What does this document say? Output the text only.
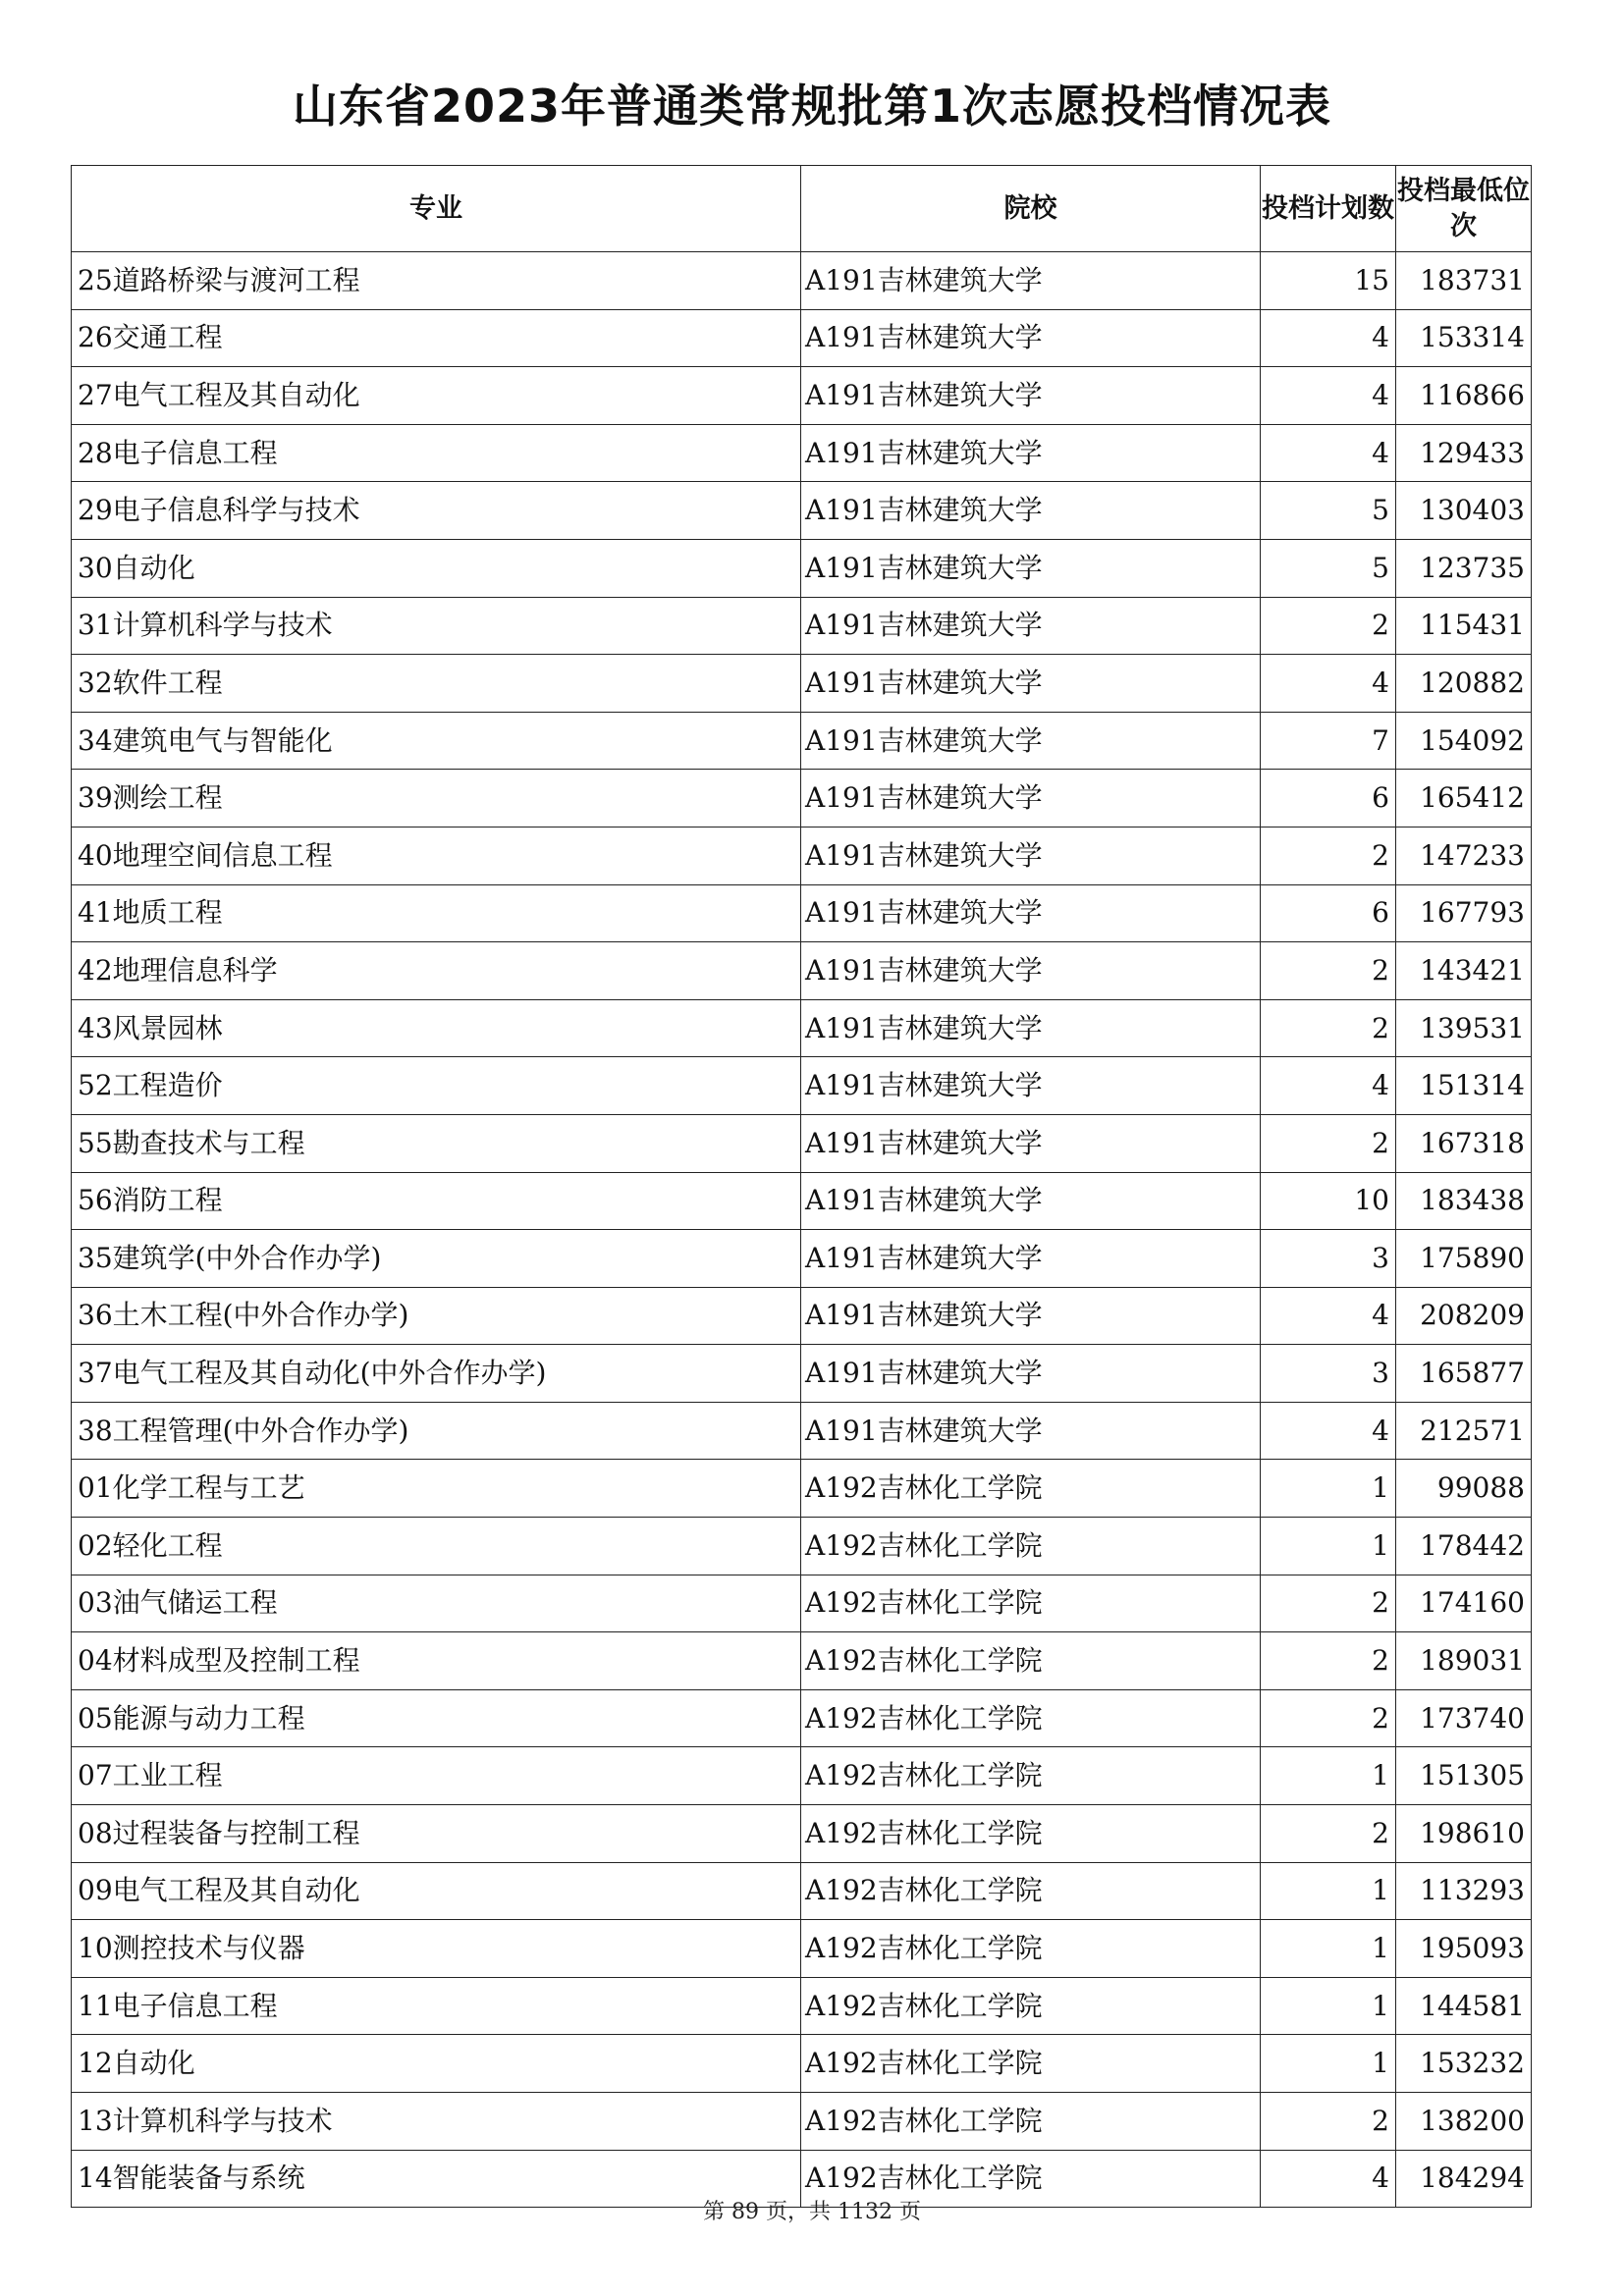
山东省2023年普通类常规批第1次志愿投档情况表
专业	院校	投档计划数	投档最低位次
25道路桥梁与渡河工程	A191吉林建筑大学	15	183731
26交通工程	A191吉林建筑大学	4	153314
27电气工程及其自动化	A191吉林建筑大学	4	116866
28电子信息工程	A191吉林建筑大学	4	129433
29电子信息科学与技术	A191吉林建筑大学	5	130403
30自动化	A191吉林建筑大学	5	123735
31计算机科学与技术	A191吉林建筑大学	2	115431
32软件工程	A191吉林建筑大学	4	120882
34建筑电气与智能化	A191吉林建筑大学	7	154092
39测绘工程	A191吉林建筑大学	6	165412
40地理空间信息工程	A191吉林建筑大学	2	147233
41地质工程	A191吉林建筑大学	6	167793
42地理信息科学	A191吉林建筑大学	2	143421
43风景园林	A191吉林建筑大学	2	139531
52工程造价	A191吉林建筑大学	4	151314
55勘查技术与工程	A191吉林建筑大学	2	167318
56消防工程	A191吉林建筑大学	10	183438
35建筑学(中外合作办学)	A191吉林建筑大学	3	175890
36土木工程(中外合作办学)	A191吉林建筑大学	4	208209
37电气工程及其自动化(中外合作办学)	A191吉林建筑大学	3	165877
38工程管理(中外合作办学)	A191吉林建筑大学	4	212571
01化学工程与工艺	A192吉林化工学院	1	99088
02轻化工程	A192吉林化工学院	1	178442
03油气储运工程	A192吉林化工学院	2	174160
04材料成型及控制工程	A192吉林化工学院	2	189031
05能源与动力工程	A192吉林化工学院	2	173740
07工业工程	A192吉林化工学院	1	151305
08过程装备与控制工程	A192吉林化工学院	2	198610
09电气工程及其自动化	A192吉林化工学院	1	113293
10测控技术与仪器	A192吉林化工学院	1	195093
11电子信息工程	A192吉林化工学院	1	144581
12自动化	A192吉林化工学院	1	153232
13计算机科学与技术	A192吉林化工学院	2	138200
14智能装备与系统	A192吉林化工学院	4	184294
第 89 页，共 1132 页
